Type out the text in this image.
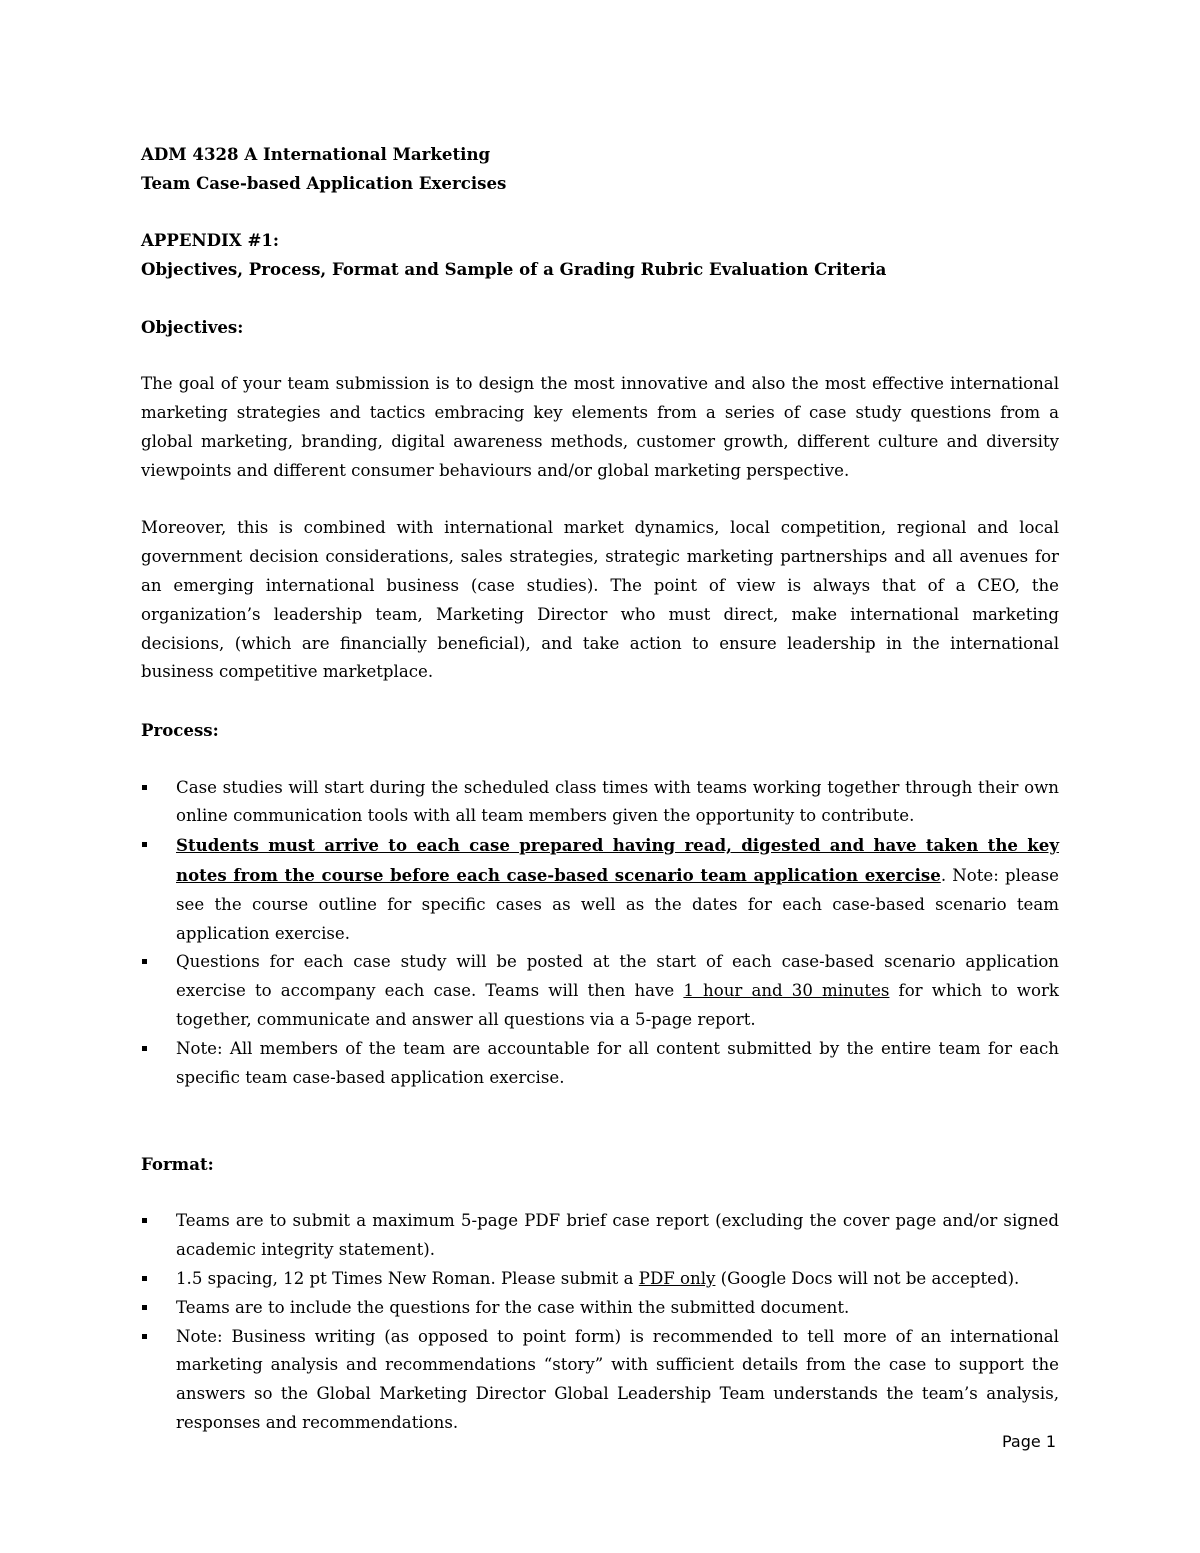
ADM 4328 A International Marketing

Team Case-based Application Exercises

APPENDIX #1:

Objectives, Process, Format and Sample of a Grading Rubric Evaluation Criteria

Objectives:

The goal of your team submission is to design the most innovative and also the most effective international marketing strategies and tactics embracing key elements from a series of case study questions from a global marketing, branding, digital awareness methods, customer growth, different culture and diversity viewpoints and different consumer behaviours and/or global marketing perspective.

Moreover, this is combined with international market dynamics, local competition, regional and local government decision considerations, sales strategies, strategic marketing partnerships and all avenues for an emerging international business (case studies). The point of view is always that of a CEO, the organization’s leadership team, Marketing Director who must direct, make international marketing decisions, (which are financially beneficial), and take action to ensure leadership in the international business competitive marketplace.

Process:

Case studies will start during the scheduled class times with teams working together through their own online communication tools with all team members given the opportunity to contribute.
Students must arrive to each case prepared having read, digested and have taken the key notes from the course before each case-based scenario team application exercise. Note: please see the course outline for specific cases as well as the dates for each case-based scenario team application exercise.
Questions for each case study will be posted at the start of each case-based scenario application exercise to accompany each case. Teams will then have 1 hour and 30 minutes for which to work together, communicate and answer all questions via a 5-page report.
Note: All members of the team are accountable for all content submitted by the entire team for each specific team case-based application exercise.

Format:

Teams are to submit a maximum 5-page PDF brief case report (excluding the cover page and/or signed academic integrity statement).
1.5 spacing, 12 pt Times New Roman. Please submit a PDF only (Google Docs will not be accepted).
Teams are to include the questions for the case within the submitted document.
Note: Business writing (as opposed to point form) is recommended to tell more of an international marketing analysis and recommendations “story” with sufficient details from the case to support the answers so the Global Marketing Director Global Leadership Team understands the team’s analysis, responses and recommendations.
Page 1
